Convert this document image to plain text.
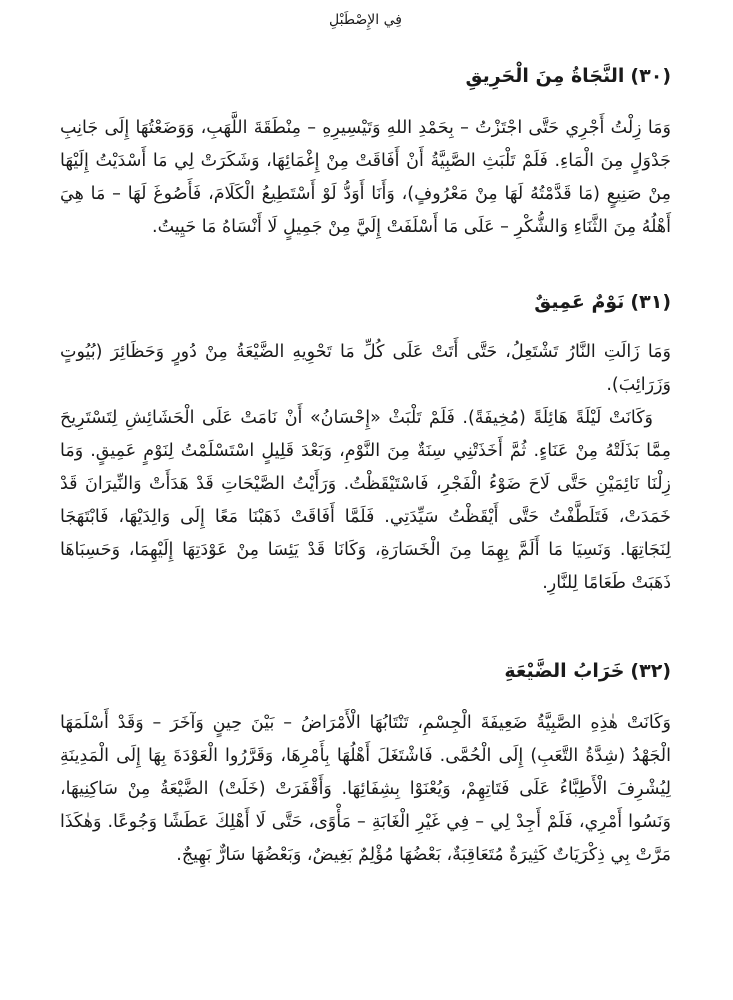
فِي الإِصْطَبْلِ
(٣٠)النَّجَاةُ مِنَ الْحَرِيقِ

وَمَا زِلْتُ أَجْرِي حَتَّى اجْتَزْتُ – بِحَمْدِ اللهِ وَتَيْسِيرِهِ – مِنْطَقَةَ اللَّهَبِ، وَوَضَعْتُهَا إِلَى جَانِبِ جَدْوَلٍ مِنَ الْمَاءِ. فَلَمْ تَلْبَثِ الصَّبِيَّةُ أَنْ أَفَاقَتْ مِنْ إِغْمَائِهَا، وَشَكَرَتْ لِي مَا أَسْدَيْتُ إِلَيْهَا مِنْ صَنِيعٍ (مَا قَدَّمْتُهُ لَهَا مِنْ مَعْرُوفٍ)، وَأَنَا أَوَدُّ لَوْ أَسْتَطِيعُ الْكَلَامَ، فَأَصُوغَ لَهَا – مَا هِيَ أَهْلُهُ مِنَ الثَّنَاءِ وَالشُّكْرِ – عَلَى مَا أَسْلَفَتْ إِلَيَّ مِنْ جَمِيلٍ لَا أَنْسَاهُ مَا حَيِيتُ.

(٣١)نَوْمٌ عَمِيقٌ

وَمَا زَالَتِ النَّارُ تَشْتَعِلُ، حَتَّى أَتَتْ عَلَى كُلِّ مَا تَحْوِيهِ الضَّيْعَةُ مِنْ دُورٍ وَحَظَائِرَ (بُيُوتٍ وَزَرَائِبَ).

وَكَانَتْ لَيْلَةً هَائِلَةً (مُخِيفَةً). فَلَمْ تَلْبَثْ «إِحْسَانُ» أَنْ نَامَتْ عَلَى الْحَشَائِشِ لِتَسْتَرِيحَ مِمَّا بَذَلَتْهُ مِنْ عَنَاءٍ. ثُمَّ أَخَذَتْنِي سِنَةٌ مِنَ النَّوْمِ، وَبَعْدَ قَلِيلٍ اسْتَسْلَمْتُ لِنَوْمٍ عَمِيقٍ. وَمَا زِلْنَا نَائِمَيْنِ حَتَّى لَاحَ ضَوْءُ الْفَجْرِ، فَاسْتَيْقَظْتُ. وَرَأَيْتُ الصَّيْحَاتِ قَدْ هَدَأَتْ وَالنِّيرَانَ قَدْ خَمَدَتْ، فَتَلَطَّفْتُ حَتَّى أَيْقَظْتُ سَيِّدَتِي. فَلَمَّا أَفَاقَتْ ذَهَبْنَا مَعًا إِلَى وَالِدَيْهَا، فَابْتَهَجَا لِنَجَاتِهَا. وَنَسِيَا مَا أَلَمَّ بِهِمَا مِنَ الْخَسَارَةِ، وَكَانَا قَدْ يَئِسَا مِنْ عَوْدَتِهَا إِلَيْهِمَا، وَحَسِبَاهَا ذَهَبَتْ طَعَامًا لِلنَّارِ.

(٣٢)خَرَابُ الضَّيْعَةِ

وَكَانَتْ هٰذِهِ الصَّبِيَّةُ ضَعِيفَةَ الْجِسْمِ، تَنْتَابُهَا الْأَمْرَاضُ – بَيْنَ حِينٍ وَآخَرَ – وَقَدْ أَسْلَمَهَا الْجَهْدُ (شِدَّةُ التَّعَبِ) إِلَى الْحُمَّى. فَاشْتَغَلَ أَهْلُهَا بِأَمْرِهَا، وَقَرَّرُوا الْعَوْدَةَ بِهَا إِلَى الْمَدِينَةِ لِيُشْرِفَ الْأَطِبَّاءُ عَلَى فَتَاتِهِمْ، وَيُعْنَوْا بِشِفَائِهَا. وَأَقْفَرَتْ (خَلَتْ) الضَّيْعَةُ مِنْ سَاكِنِيهَا، وَنَسُوا أَمْرِي، فَلَمْ أَجِدْ لِي – فِي غَيْرِ الْغَابَةِ – مَأْوًى، حَتَّى لَا أَهْلِكَ عَطَشًا وَجُوعًا. وَهٰكَذَا مَرَّتْ بِي ذِكْرَيَاتٌ كَثِيرَةٌ مُتَعَاقِبَةٌ، بَعْضُهَا مُؤْلِمٌ بَغِيضٌ، وَبَعْضُهَا سَارٌّ بَهِيجٌ.
